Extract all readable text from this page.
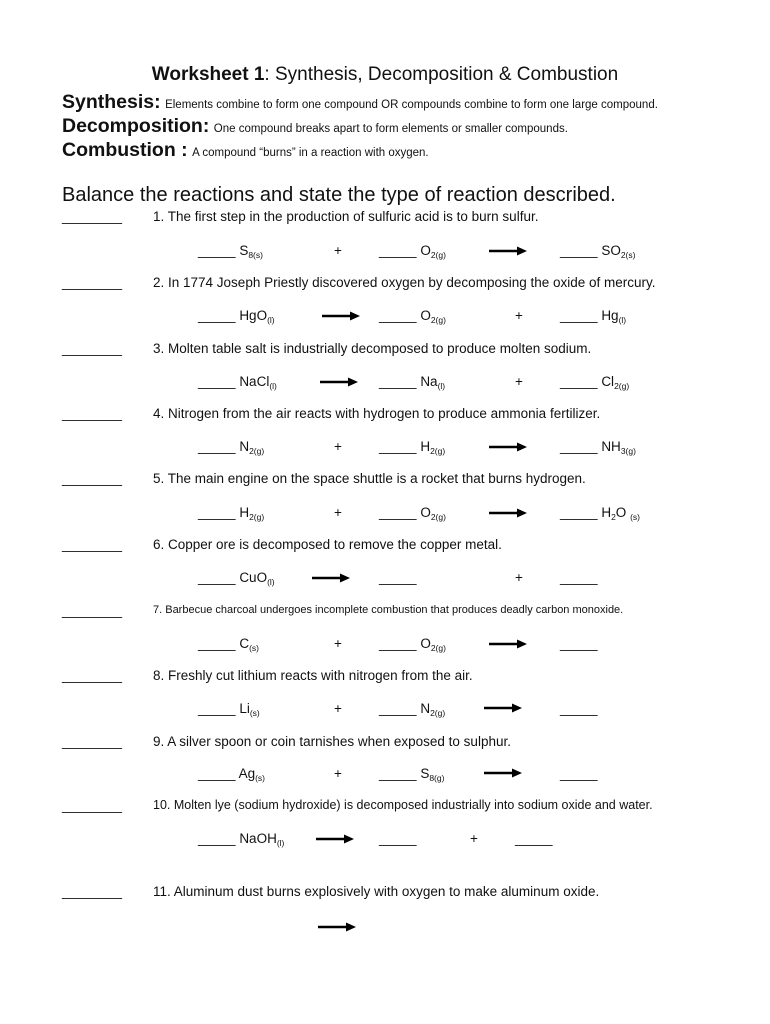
Worksheet 1: Synthesis, Decomposition & Combustion
Synthesis: Elements combine to form one compound OR compounds combine to form one large compound.
Decomposition: One compound breaks apart to form elements or smaller compounds.
Combustion : A compound “burns” in a reaction with oxygen.
Balance the reactions and state the type of reaction described.
________ 1. The first step in the production of sulfuric acid is to burn sulfur.
_____ $S_{8(s)}$	+	_____ $O_{2(g)}$	_____ $SO_{2(s)}$
________ 2. In 1774 Joseph Priestly discovered oxygen by decomposing the oxide of mercury.
_____ HgO$_{(l)}$	_____ $O_{2(g)}$	+	_____ $Hg_{(l)}$
________ 3. Molten table salt is industrially decomposed to produce molten sodium.
_____ NaCl$_{(l)}$	_____ $Na_{(l)}$	+	_____ $Cl_{2(g)}$
________ 4. Nitrogen from the air reacts with hydrogen to produce ammonia fertilizer.
_____ $N_{2(g)}$	+	_____ $H_{2(g)}$	_____ $NH_{3(g)}$
________ 5. The main engine on the space shuttle is a rocket that burns hydrogen.
_____ $H_{2(g)}$	+	_____ $O_{2(g)}$	_____ $H_2O$ $_{(s)}$
________ 6. Copper ore is decomposed to remove the copper metal.
_____ CuO$_{(l)}$	_____	+	_____
________	7. Barbecue charcoal undergoes incomplete combustion that produces deadly carbon monoxide.
_____ $C_{(s)}$	+	_____ $O_{2(g)}$	_____
________ 8. Freshly cut lithium reacts with nitrogen from the air.
_____ $Li_{(s)}$	+	_____ $N_{2(g)}$	_____
________ 9. A silver spoon or coin tarnishes when exposed to sulphur.
_____ $Ag_{(s)}$	+	_____ $S_{8(g)}$	_____
________ 10. Molten lye (sodium hydroxide) is decomposed industrially into sodium oxide and water.
_____ NaOH$_{(l)}$	_____	+	_____
________ 11. Aluminum dust burns explosively with oxygen to make aluminum oxide.
